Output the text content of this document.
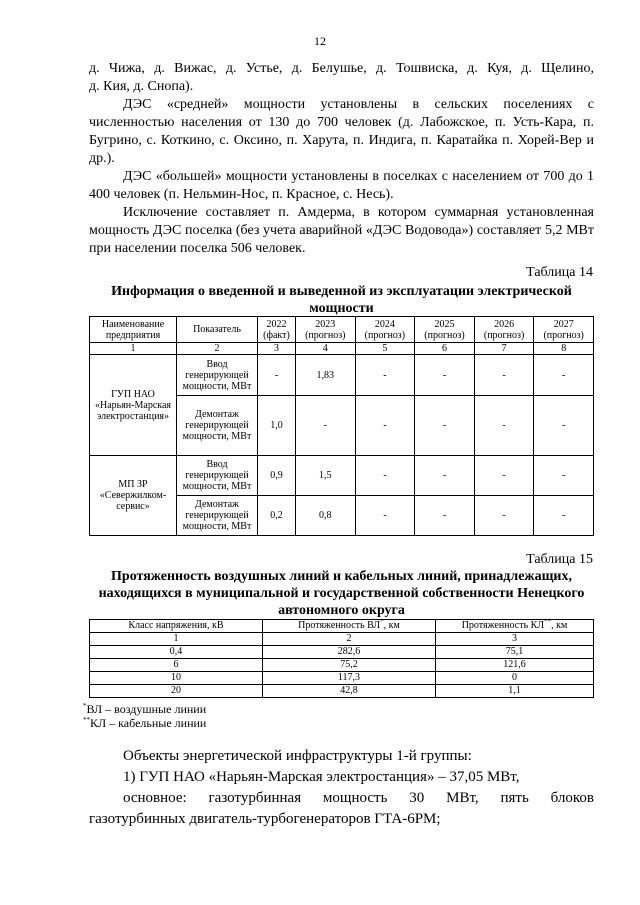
12

д. Чижа, д. Вижас, д. Устье, д. Белушье, д. Тошвиска, д. Куя, д. Щелино,

д. Кия, д. Снопа).

ДЭС «средней» мощности установлены в сельских поселениях с численностью населения от 130 до 700 человек (д. Лабожское, п. Усть-Кара, п. Бугрино, с. Коткино, с. Оксино, п. Харута, п. Индига, п. Каратайка п. Хорей-Вер и др.).

ДЭС «большей» мощности установлены в поселках с населением от 700 до 1 400 человек (п. Нельмин-Нос, п. Красное, с. Несь).

Исключение составляет п. Амдерма, в котором суммарная установленная мощность ДЭС поселка (без учета аварийной «ДЭС Водовода») составляет 5,2 МВт при населении поселка 506 человек.

Таблица 14
Информация о введенной и выведенной из эксплуатации электрической мощности
Наименование предприятия	Показатель	2022 (факт)	2023 (прогноз)	2024 (прогноз)	2025 (прогноз)	2026 (прогноз)	2027 (прогноз)
1	2	3	4	5	6	7	8
ГУП НАО «Нарьян-Марская электростанция»	Ввод генерирующей мощности, МВт	-	1,83	-	-	-	-
	Демонтаж генерирующей мощности, МВт	1,0	-	-	-	-	-
МП ЗР «Севержилком-сервис»	Ввод генерирующей мощности, МВт	0,9	1,5	-	-	-	-
	Демонтаж генерирующей мощности, МВт	0,2	0,8	-	-	-	-
Таблица 15
Протяженность воздушных линий и кабельных линий, принадлежащих, находящихся в муниципальной и государственной собственности Ненецкого автономного округа
Класс напряжения, кВ	Протяженность ВЛ*, км	Протяженность КЛ**, км
1	2	3
0,4	282,6	75,1
6	75,2	121,6
10	117,3	0
20	42,8	1,1
*ВЛ – воздушные линии
**КЛ – кабельные линии

Объекты энергетической инфраструктуры 1-й группы:

1) ГУП НАО «Нарьян-Марская электростанция» – 37,05 МВт,

основное: газотурбинная мощность 30 МВт, пять блоков

газотурбинных двигатель-турбогенераторов ГТА-6РМ;
